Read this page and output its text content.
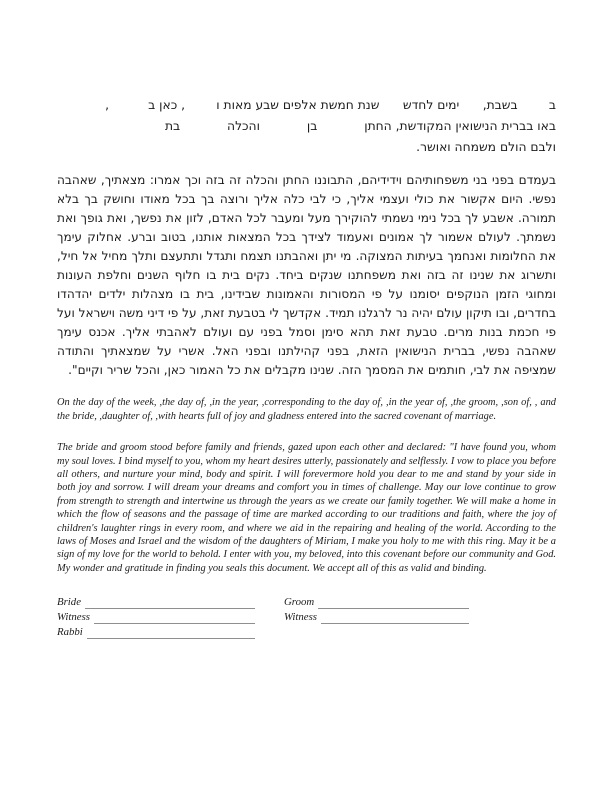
ב        בשבת,      ימים לחדש      שנת חמשת אלפים שבע מאות ו        , כאן ב          ,
באו בברית הנישואין המקודשת, החתן            בן            והכלה            בת
ולבם הולם משמחה ואושר.
בעמדם בפני בני משפחותיהם וידידיהם, התבוננו החתן והכלה זה בזה וכך אמרו: מצאתיך, שאהבה נפשי. היום אקשור את כולי ועצמי אליך, כי לבי כלה אליך ורוצה בך בכל מאודו וחושק בך בלא תמורה. אשבע לך בכל נימי נשמתי להוקירך מעל ומעבר לכל האדם, לזון את נפשך, ואת גופך ואת נשמתך. לעולם אשמור לך אמונים ואעמוד לצידך בכל המצאות אותנו, בטוב וברע. אחלוק עימך את החלומות ואנחמך בעיתות המצוקה. מי יתן ואהבתנו תצמח ותגדל ותתעצם ותלך מחיל אל חיל, ותשרוג את שנינו זה בזה ואת משפחתנו שנקים ביחד. נקים בית בו חלוף השנים וחלפת העונות ומחוגי הזמן הנוקפים יסומנו על פי המסורות והאמונות שבידינו, בית בו מצהלות ילדים יהדהדו בחדרים, ובו תיקון עולם יהיה נר לרגלנו תמיד. אקדשך לי בטבעת זאת, על פי דיני משה וישראל ועל פי חכמת בנות מרים. טבעת זאת תהא סימן וסמל בפני עם ועולם לאהבתי אליך. אכנס עימך שאהבה נפשי, בברית הנישואין הזאת, בפני קהילתנו ובפני האל. אשרי על שמצאתיך והתודה שמציפה את לבי, חותמים את המסמך הזה. שנינו מקבלים את כל האמור כאן, והכל שריר וקיים".
On the day of the week, ,the day of, ,in the year, ,corresponding to the day of, ,in the year of, ,the groom, ,son of, , and the bride, ,daughter of, ,with hearts full of joy and gladness entered into the sacred covenant of marriage.
The bride and groom stood before family and friends, gazed upon each other and declared: "I have found you, whom my soul loves. I bind myself to you, whom my heart desires utterly, passionately and selflessly. I vow to place you before all others, and nurture your mind, body and spirit. I will forevermore hold you dear to me and stand by your side in both joy and sorrow. I will dream your dreams and comfort you in times of challenge. May our love continue to grow from strength to strength and intertwine us through the years as we create our family together. We will make a home in which the flow of seasons and the passage of time are marked according to our traditions and faith, where the joy of children's laughter rings in every room, and where we aid in the repairing and healing of the world. According to the laws of Moses and Israel and the wisdom of the daughters of Miriam, I make you holy to me with this ring. May it be a sign of my love for the world to behold. I enter with you, my beloved, into this covenant before our community and God. My wonder and gratitude in finding you seals this document. We accept all of this as valid and binding.
Bride
Witness
Rabbi
Groom
Witness
